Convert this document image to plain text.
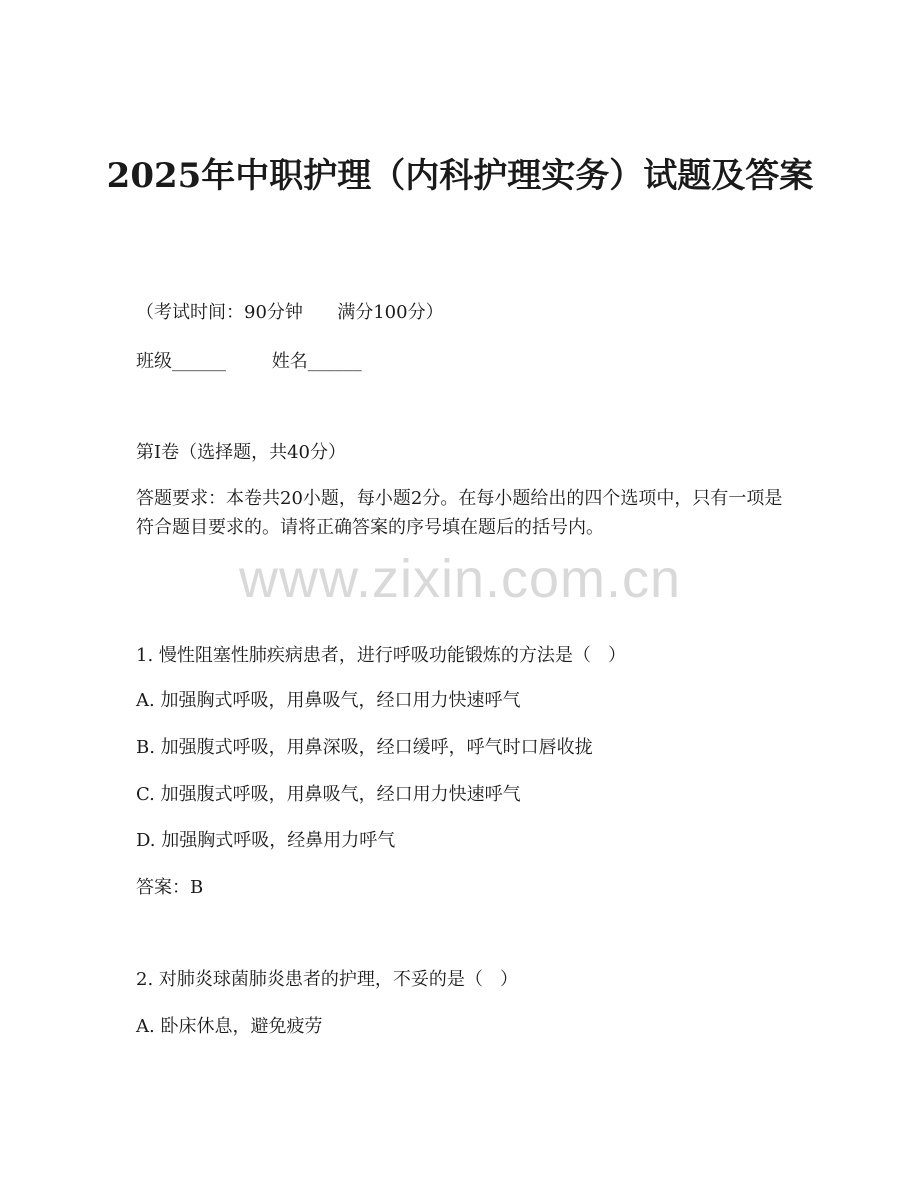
2025年中职护理（内科护理实务）试题及答案
（考试时间：90分钟      满分100分）
班级______        姓名______
第I卷（选择题，共40分）
答题要求：本卷共20小题，每小题2分。在每小题给出的四个选项中，只有一项是符合题目要求的。请将正确答案的序号填在题后的括号内。
www.zixin.com.cn
1. 慢性阻塞性肺疾病患者，进行呼吸功能锻炼的方法是（   ）
A. 加强胸式呼吸，用鼻吸气，经口用力快速呼气
B. 加强腹式呼吸，用鼻深吸，经口缓呼，呼气时口唇收拢
C. 加强腹式呼吸，用鼻吸气，经口用力快速呼气
D. 加强胸式呼吸，经鼻用力呼气
答案：B
2. 对肺炎球菌肺炎患者的护理，不妥的是（   ）
A. 卧床休息，避免疲劳
